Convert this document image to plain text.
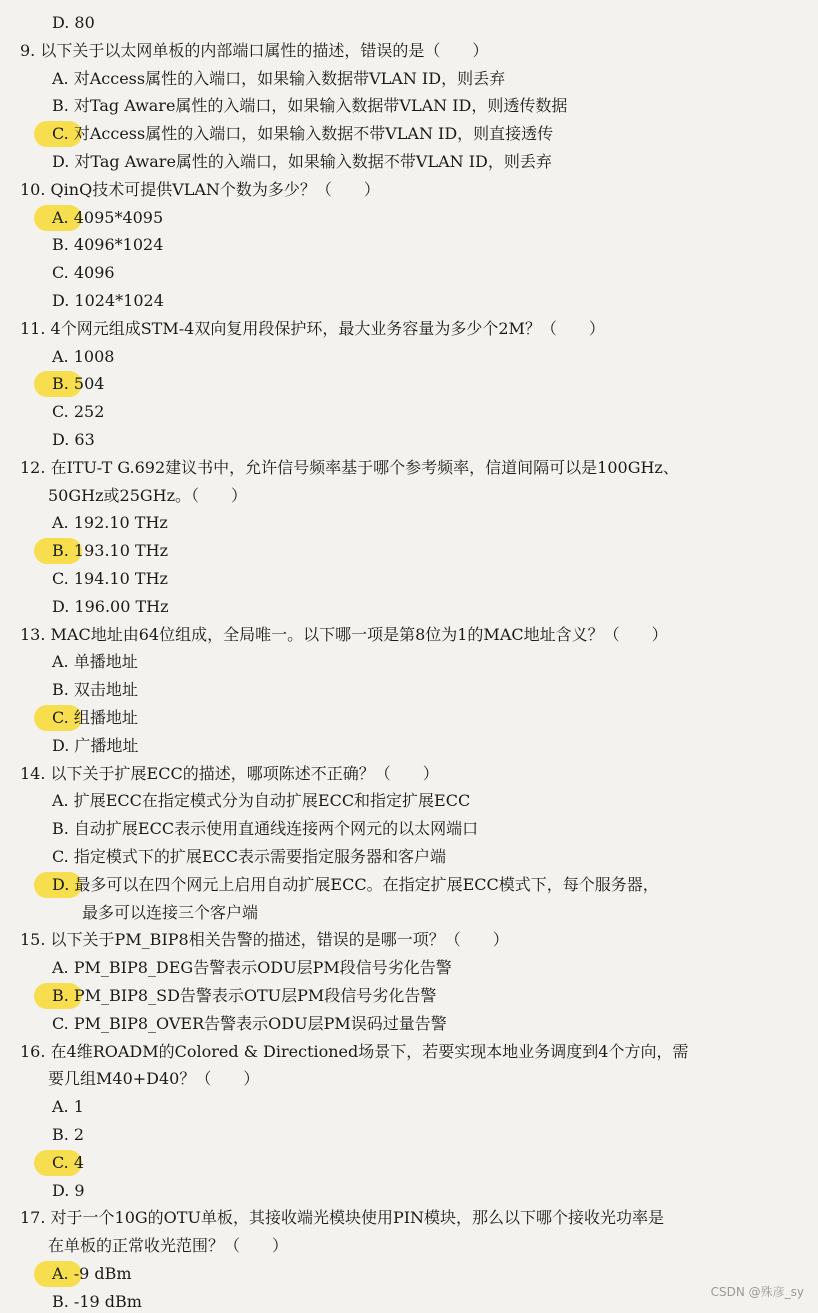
D. 80
9. 以下关于以太网单板的内部端口属性的描述，错误的是（　　）
A. 对Access属性的入端口，如果输入数据带VLAN ID，则丢弃
B. 对Tag Aware属性的入端口，如果输入数据带VLAN ID，则透传数据
C. 对Access属性的入端口，如果输入数据不带VLAN ID，则直接透传
D. 对Tag Aware属性的入端口，如果输入数据不带VLAN ID，则丢弃
10. QinQ技术可提供VLAN个数为多少？（　　）
A. 4095*4095
B. 4096*1024
C. 4096
D. 1024*1024
11. 4个网元组成STM-4双向复用段保护环，最大业务容量为多少个2M？（　　）
A. 1008
B. 504
C. 252
D. 63
12. 在ITU-T G.692建议书中，允许信号频率基于哪个参考频率，信道间隔可以是100GHz、
50GHz或25GHz。（　　）
A. 192.10 THz
B. 193.10 THz
C. 194.10 THz
D. 196.00 THz
13. MAC地址由64位组成，全局唯一。以下哪一项是第8位为1的MAC地址含义？（　　）
A. 单播地址
B. 双击地址
C. 组播地址
D. 广播地址
14. 以下关于扩展ECC的描述，哪项陈述不正确？（　　）
A. 扩展ECC在指定模式分为自动扩展ECC和指定扩展ECC
B. 自动扩展ECC表示使用直通线连接两个网元的以太网端口
C. 指定模式下的扩展ECC表示需要指定服务器和客户端
D. 最多可以在四个网元上启用自动扩展ECC。在指定扩展ECC模式下，每个服务器，
最多可以连接三个客户端
15. 以下关于PM_BIP8相关告警的描述，错误的是哪一项？（　　）
A. PM_BIP8_DEG告警表示ODU层PM段信号劣化告警
B. PM_BIP8_SD告警表示OTU层PM段信号劣化告警
C. PM_BIP8_OVER告警表示ODU层PM误码过量告警
16. 在4维ROADM的Colored & Directioned场景下，若要实现本地业务调度到4个方向，需
要几组M40+D40？（　　）
A. 1
B. 2
C. 4
D. 9
17. 对于一个10G的OTU单板，其接收端光模块使用PIN模块，那么以下哪个接收光功率是
在单板的正常收光范围？（　　）
A. -9 dBm
B. -19 dBm	CSDN @殊彦_sy
